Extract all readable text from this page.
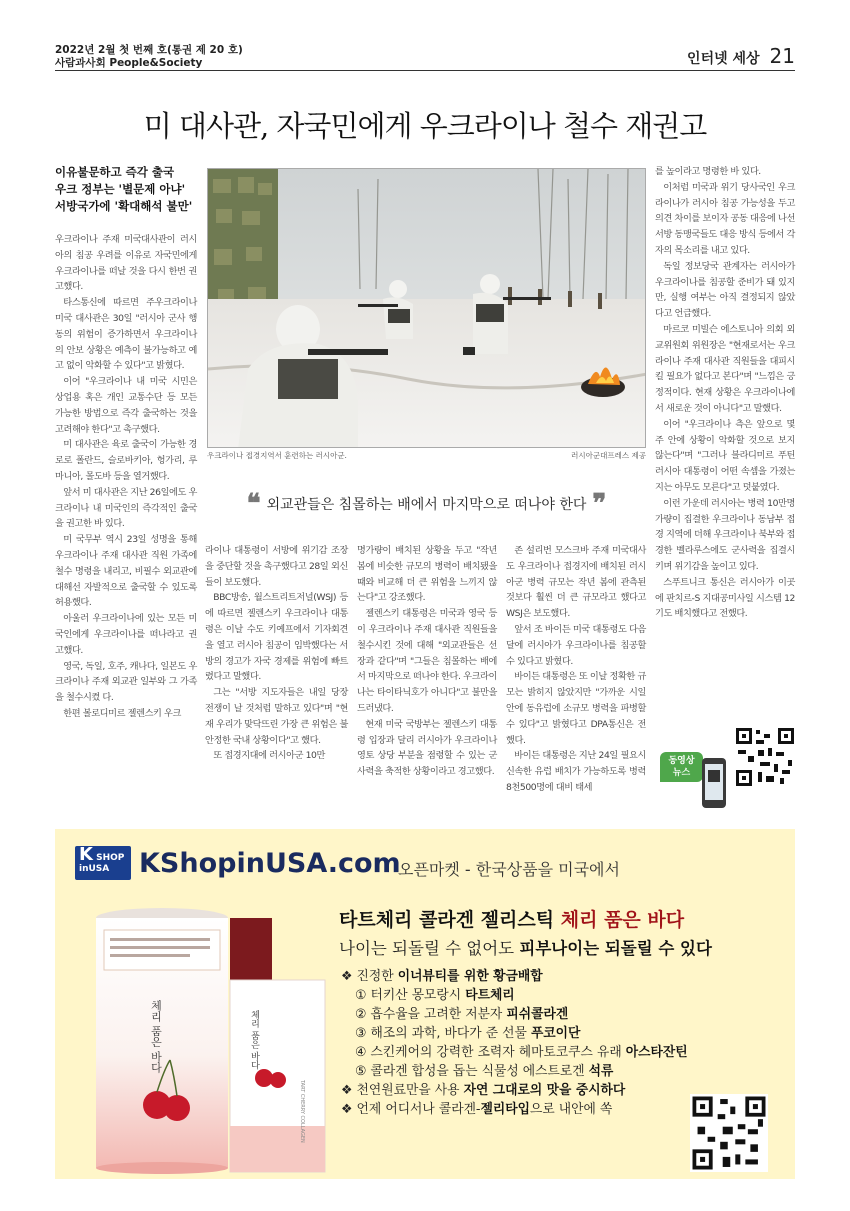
2022년 2월 첫 번째 호(통권 제 20 호)
사람과사회 People&Society	인터넷 세상 21
미 대사관, 자국민에게 우크라이나 철수 재권고
이유불문하고 즉각 출국
우크 정부는 '별문제 아냐'
서방국가에 '확대해석 불만'

우크라이나 주재 미국대사관이 러시아의 침공 우려를 이유로 자국민에게 우크라이나를 떠날 것을 다시 한번 권고했다.

타스통신에 따르면 주우크라이나 미국 대사관은 30일 "러시아 군사 행동의 위험이 증가하면서 우크라이나의 안보 상황은 예측이 불가능하고 예고 없이 악화할 수 있다"고 밝혔다.

이어 "우크라이나 내 미국 시민은 상업용 혹은 개인 교통수단 등 모든 가능한 방법으로 즉각 출국하는 것을 고려해야 한다"고 촉구했다.

미 대사관은 육로 출국이 가능한 경로로 폴란드, 슬로바키아, 헝가리, 루마니아, 몰도바 등을 열거했다.

앞서 미 대사관은 지난 26일에도 우크라이나 내 미국인의 즉각적인 출국을 권고한 바 있다.

미 국무부 역시 23일 성명을 통해 우크라이나 주재 대사관 직원 가족에 철수 명령을 내리고, 비필수 외교관에 대해선 자발적으로 출국할 수 있도록 허용했다.

아울러 우크라이나에 있는 모든 미국인에게 우크라이나를 떠나라고 권고했다.

영국, 독일, 호주, 캐나다, 일본도 우크라이나 주재 외교관 일부와 그 가족을 철수시켰 다.

한편 볼로디미르 젤렌스키 우크

우크라이나 접경지역서 훈련하는 러시아군.	러시아군대프레스 제공
❝ 외교관들은 침몰하는 배에서 마지막으로 떠나야 한다 ❞

라이나 대통령이 서방에 위기감 조장을 중단할 것을 촉구했다고 28일 외신들이 보도했다.

BBC방송, 월스트리트저널(WSJ) 등에 따르면 젤렌스키 우크라이나 대통령은 이날 수도 키예프에서 기자회견을 열고 러시아 침공이 임박했다는 서방의 경고가 자국 경제를 위험에 빠트렸다고 말했다.

그는 "서방 지도자들은 내일 당장 전쟁이 날 것처럼 말하고 있다"며 "현재 우리가 맞닥뜨린 가장 큰 위험은 불안정한 국내 상황이다"고 했다.

또 접경지대에 러시아군 10만

명가량이 배치된 상황을 두고 "작년 봄에 비슷한 규모의 병력이 배치됐을 때와 비교해 더 큰 위험을 느끼지 않는다"고 강조했다.

젤렌스키 대통령은 미국과 영국 등이 우크라이나 주재 대사관 직원들을 철수시킨 것에 대해 "외교관들은 선장과 같다"며 "그들은 침몰하는 배에서 마지막으로 떠나야 한다. 우크라이나는 타이타닉호가 아니다"고 불만을 드러냈다.

현재 미국 국방부는 젤렌스키 대통령 입장과 달리 러시아가 우크라이나 영토 상당 부분을 점령할 수 있는 군사력을 축적한 상황이라고 경고했다.

존 설리번 모스크바 주재 미국대사도 우크라이나 접경지에 배치된 러시아군 병력 규모는 작년 봄에 관측된 것보다 훨씬 더 큰 규모라고 했다고 WSJ은 보도했다.

앞서 조 바이든 미국 대통령도 다음 달에 러시아가 우크라이나를 침공할 수 있다고 밝혔다.

바이든 대통령은 또 이날 정확한 규모는 밝히지 않았지만 "가까운 시일 안에 동유럽에 소규모 병력을 파병할 수 있다"고 밝혔다고 DPA통신은 전했다.

바이든 대통령은 지난 24일 필요시 신속한 유럽 배치가 가능하도록 병력 8천500명에 대비 태세

를 높이라고 명령한 바 있다.

이처럼 미국과 위기 당사국인 우크라이나가 러시아 침공 가능성을 두고 의견 차이를 보이자 공동 대응에 나선 서방 동맹국들도 대응 방식 등에서 각자의 목소리를 내고 있다.

독일 정보당국 관계자는 러시아가 우크라이나를 침공할 준비가 돼 있지만, 실행 여부는 아직 결정되지 않았다고 언급했다.

마르코 미빌슨 에스토니아 의회 외교위원회 위원장은 "현재로서는 우크라이나 주재 대사관 직원들을 대피시킬 필요가 없다고 본다"며 "느낌은 긍정적이다. 현재 상황은 우크라이나에서 새로운 것이 아니다"고 말했다.

이어 "우크라이나 측은 앞으로 몇 주 안에 상황이 악화할 것으로 보지 않는다"며 "그러나 블라디미르 푸틴 러시아 대통령이 어떤 속셈을 가졌는지는 아무도 모른다"고 덧붙였다.

이런 가운데 러시아는 병력 10만명 가량이 집결한 우크라이나 동남부 접경 지역에 더해 우크라이나 북부와 접경한 벨라루스에도 군사력을 집결시키며 위기감을 높이고 있다.

스푸트니크 통신은 러시아가 이곳에 판치르-S 지대공미사일 시스템 12기도 배치했다고 전했다.

동영상
뉴스
K SHOP
inUSA	KShopinUSA.com
오픈마켓 - 한국상품을 미국에서
체리 품은 바다	체리 품은 바다
TART CHERRY COLLAGEN
타트체리 콜라겐 젤리스틱 체리 품은 바다
나이는 되돌릴 수 없어도 피부나이는 되돌릴 수 있다
❖ 진정한 이너뷰티를 위한 황금배합
① 터키산 몽모랑시 타트체리
② 흡수율을 고려한 저분자 피쉬콜라겐
③ 해조의 과학, 바다가 준 선물 푸코이단
④ 스킨케어의 강력한 조력자 헤마토코쿠스 유래 아스타잔틴
⑤ 콜라겐 합성을 돕는 식물성 에스트로겐 석류
❖ 천연원료만을 사용 자연 그대로의 맛을 중시하다
❖ 언제 어디서나 콜라겐-젤리타입으로 내안에 쏙
